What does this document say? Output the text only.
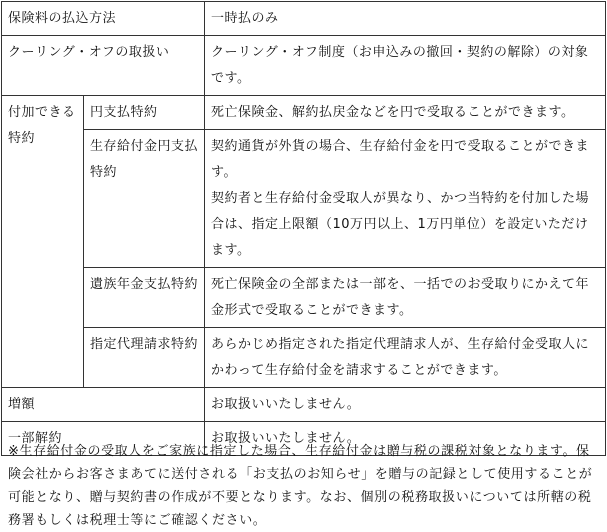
保険料の払込方法		一時払のみ
クーリング・オフの取扱い		クーリング・オフ制度（お申込みの撤回・契約の解除）の対象です。
付加できる特約	円支払特約	死亡保険金、解約払戻金などを円で受取ることができます。

	生存給付金円支払特約	契約通貨が外貨の場合、生存給付金を円で受取ることができます。
契約者と生存給付金受取人が異なり、かつ当特約を付加した場合は、指定上限額（10万円以上、1万円単位）を設定いただけます。

	遺族年金支払特約	死亡保険金の全部または一部を、一括でのお受取りにかえて年金形式で受取ることができます。

	指定代理請求特約	あらかじめ指定された指定代理請求人が、生存給付金受取人にかわって生存給付金を請求することができます。

増額		お取扱いいたしません。
一部解約		お取扱いいたしません。
※生存給付金の受取人をご家族に指定した場合、生存給付金は贈与税の課税対象となります。保険会社からお客さまあてに送付される「お支払のお知らせ」を贈与の記録として使用することが可能となり、贈与契約書の作成が不要となります。なお、個別の税務取扱いについては所轄の税務署もしくは税理士等にご確認ください。
